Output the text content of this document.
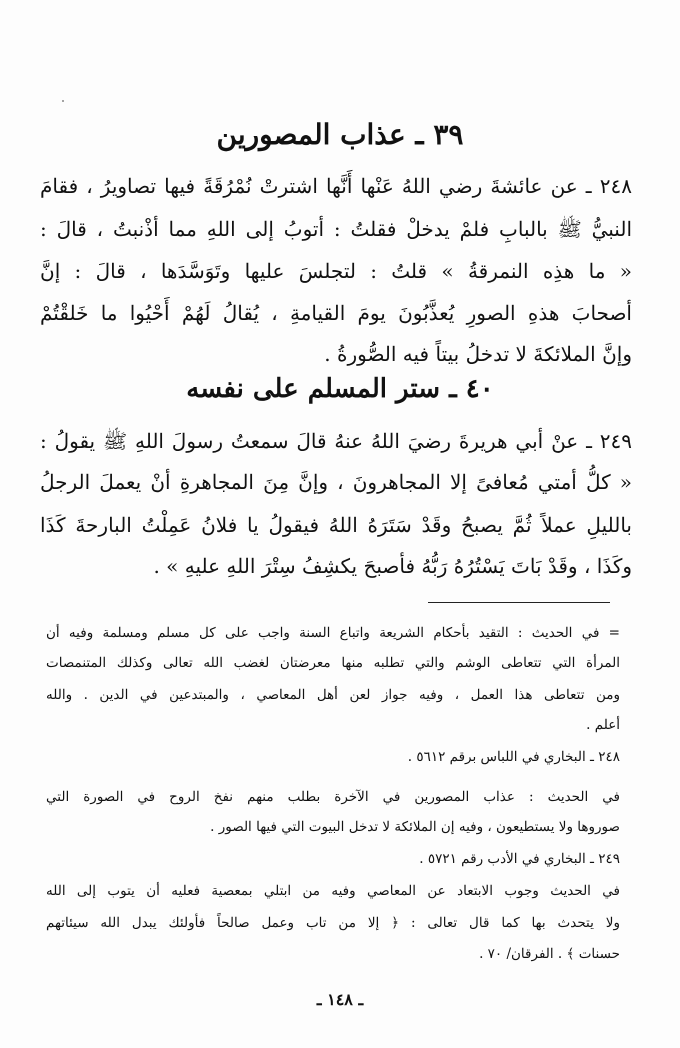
٣٩ ـ عذاب المصورين
٢٤٨ ـ عن عائشةَ رضي اللهُ عَنْها أَنَّها اشترتْ نُمْرُقَةً فيها تصاويرُ ، فقامَ
النبيُّ ﷺ بالبابِ فلمْ يدخلْ فقلتُ : أتوبُ إلى اللهِ مما أذْنبتُ ، قالَ :
« ما هذِه النمرقةُ » قلتُ : لتجلسَ عليها وتَوَسَّدَها ، قالَ : إنَّ
أصحابَ هذهِ الصورِ يُعذَّبُونَ يومَ القيامةِ ، يُقالُ لَهُمْ أَحْيُوا ما خَلقْتُمْ
وإنَّ الملائكةَ لا تدخلُ بيتاً فيه الصُّورةُ .
٤٠ ـ ستر المسلم على نفسه
٢٤٩ ـ عنْ أبي هريرةَ رضيَ اللهُ عنهُ قالَ سمعتُ رسولَ اللهِ ﷺ يقولُ :
« كلُّ أمتي مُعافىً إلا المجاهرونَ ، وإنَّ مِنَ المجاهرةِ أنْ يعملَ الرجلُ
بالليلِ عملاً ثُمَّ يصبحُ وقَدْ سَتَرَهُ اللهُ فيقولُ يا فلانُ عَمِلْتُ البارحةَ كَذَا
وكَذَا ، وقَدْ بَاتَ يَسْتُرُهُ رَبُّهُ فأصبحَ يكشِفُ سِتْرَ اللهِ عليهِ » .
= في الحديث : التقيد بأحكام الشريعة واتباع السنة واجب على كل مسلم ومسلمة وفيه أن
المرأة التي تتعاطى الوشم والتي تطلبه منها معرضتان لغضب الله تعالى وكذلك المتنمصات
ومن تتعاطى هذا العمل ، وفيه جواز لعن أهل المعاصي ، والمبتدعين في الدين . والله
أعلم .
٢٤٨ ـ البخاري في اللباس برقم ٥٦١٢ .
في الحديث : عذاب المصورين في الآخرة بطلب منهم نفخ الروح في الصورة التي
صوروها ولا يستطيعون ، وفيه إن الملائكة لا تدخل البيوت التي فيها الصور .
٢٤٩ ـ البخاري في الأدب رقم ٥٧٢١ .
في الحديث وجوب الابتعاد عن المعاصي وفيه من ابتلي بمعصية فعليه أن يتوب إلى الله
ولا يتحدث بها كما قال تعالى : ﴿ إلا من تاب وعمل صالحاً فأولئك يبدل الله سيئاتهم
حسنات ﴾ . الفرقان/ ٧٠ .
ـ ١٤٨ ـ
